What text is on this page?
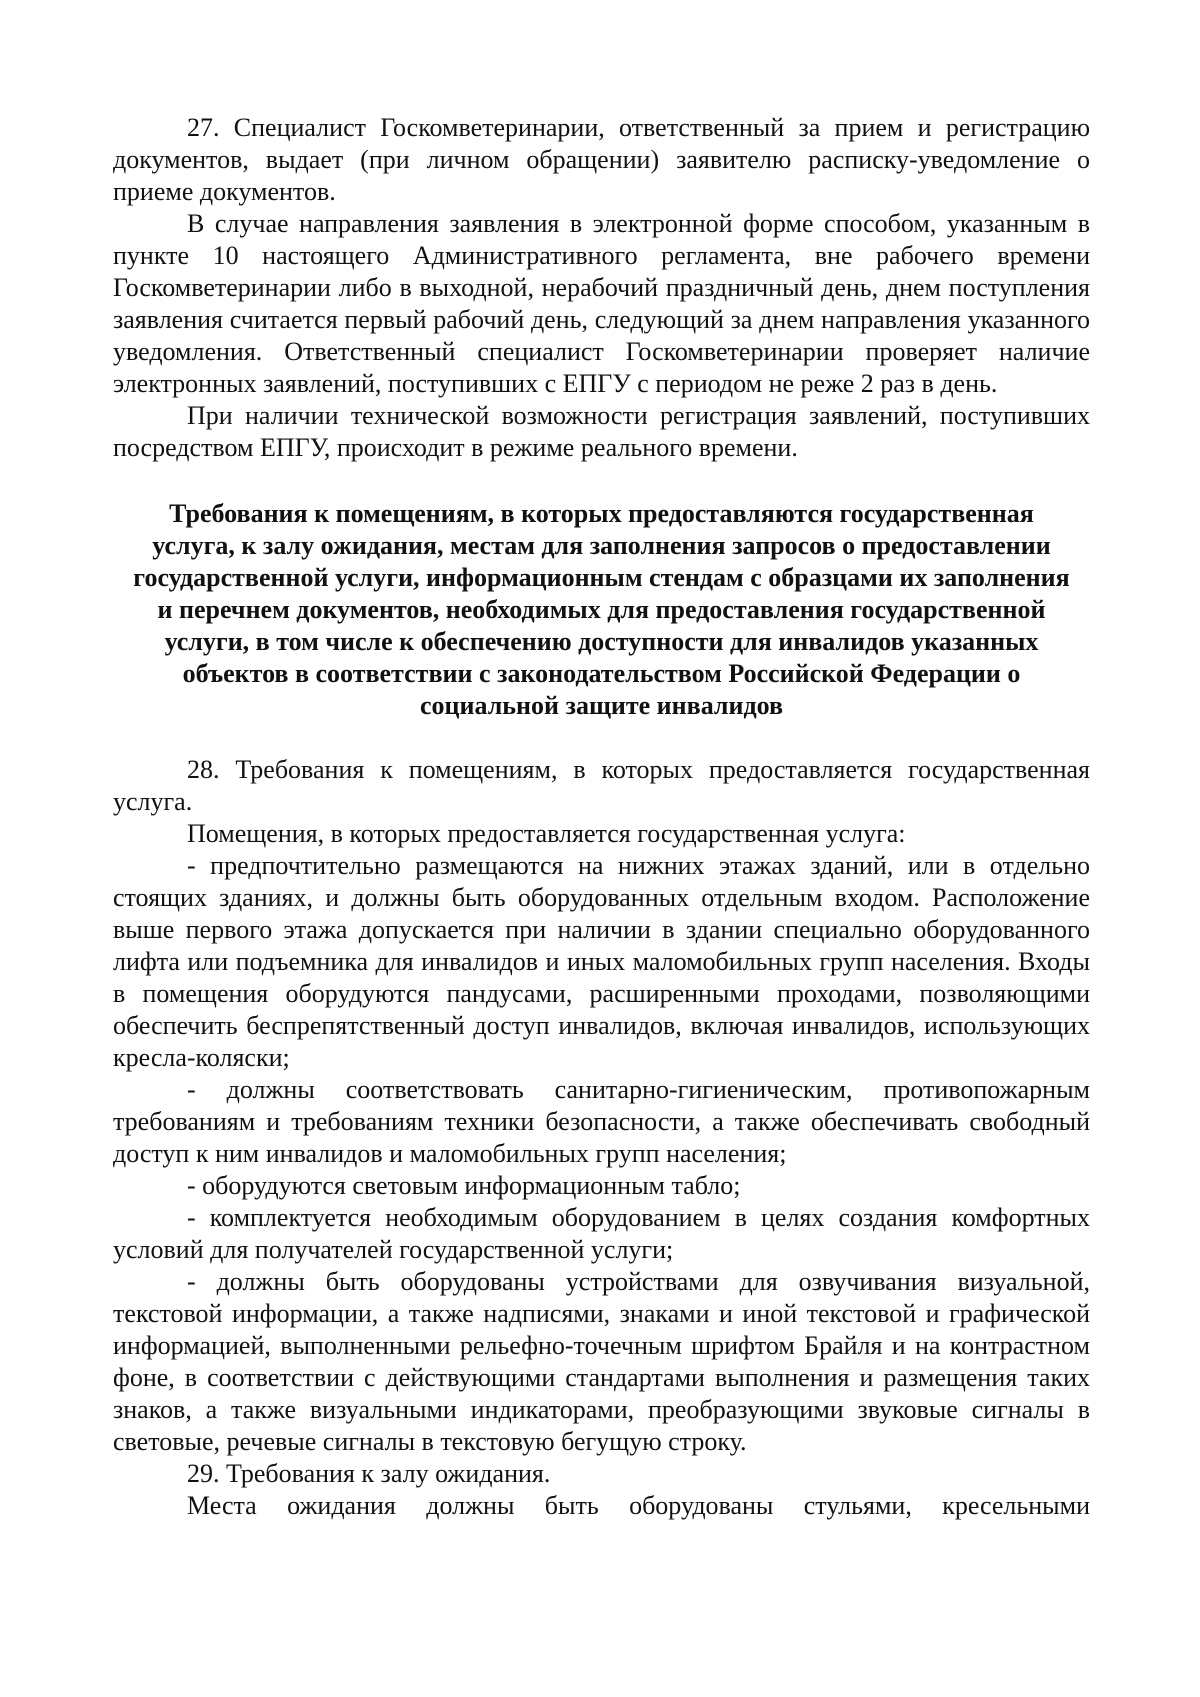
27. Специалист Госкомветеринарии, ответственный за прием и регистрацию документов, выдает (при личном обращении) заявителю расписку-уведомление о приеме документов.

В случае направления заявления в электронной форме способом, указанным в пункте 10 настоящего Административного регламента, вне рабочего времени Госкомветеринарии либо в выходной, нерабочий праздничный день, днем поступления заявления считается первый рабочий день, следующий за днем направления указанного уведомления. Ответственный специалист Госкомветеринарии проверяет наличие электронных заявлений, поступивших с ЕПГУ с периодом не реже 2 раз в день.

При наличии технической возможности регистрация заявлений, поступивших посредством ЕПГУ, происходит в режиме реального времени.

Требования к помещениям, в которых предоставляются государственная услуга, к залу ожидания, местам для заполнения запросов о предоставлении государственной услуги, информационным стендам с образцами их заполнения и перечнем документов, необходимых для предоставления государственной услуги, в том числе к обеспечению доступности для инвалидов указанных объектов в соответствии с законодательством Российской Федерации о социальной защите инвалидов

28. Требования к помещениям, в которых предоставляется государственная услуга.

Помещения, в которых предоставляется государственная услуга:

- предпочтительно размещаются на нижних этажах зданий, или в отдельно стоящих зданиях, и должны быть оборудованных отдельным входом. Расположение выше первого этажа допускается при наличии в здании специально оборудованного лифта или подъемника для инвалидов и иных маломобильных групп населения. Входы в помещения оборудуются пандусами, расширенными проходами, позволяющими обеспечить беспрепятственный доступ инвалидов, включая инвалидов, использующих кресла-коляски;

- должны соответствовать санитарно-гигиеническим, противопожарным требованиям и требованиям техники безопасности, а также обеспечивать свободный доступ к ним инвалидов и маломобильных групп населения;

- оборудуются световым информационным табло;

- комплектуется необходимым оборудованием в целях создания комфортных условий для получателей государственной услуги;

- должны быть оборудованы устройствами для озвучивания визуальной, текстовой информации, а также надписями, знаками и иной текстовой и графической информацией, выполненными рельефно-точечным шрифтом Брайля и на контрастном фоне, в соответствии с действующими стандартами выполнения и размещения таких знаков, а также визуальными индикаторами, преобразующими звуковые сигналы в световые, речевые сигналы в текстовую бегущую строку.

29. Требования к залу ожидания.

Места ожидания должны быть оборудованы стульями, кресельными
